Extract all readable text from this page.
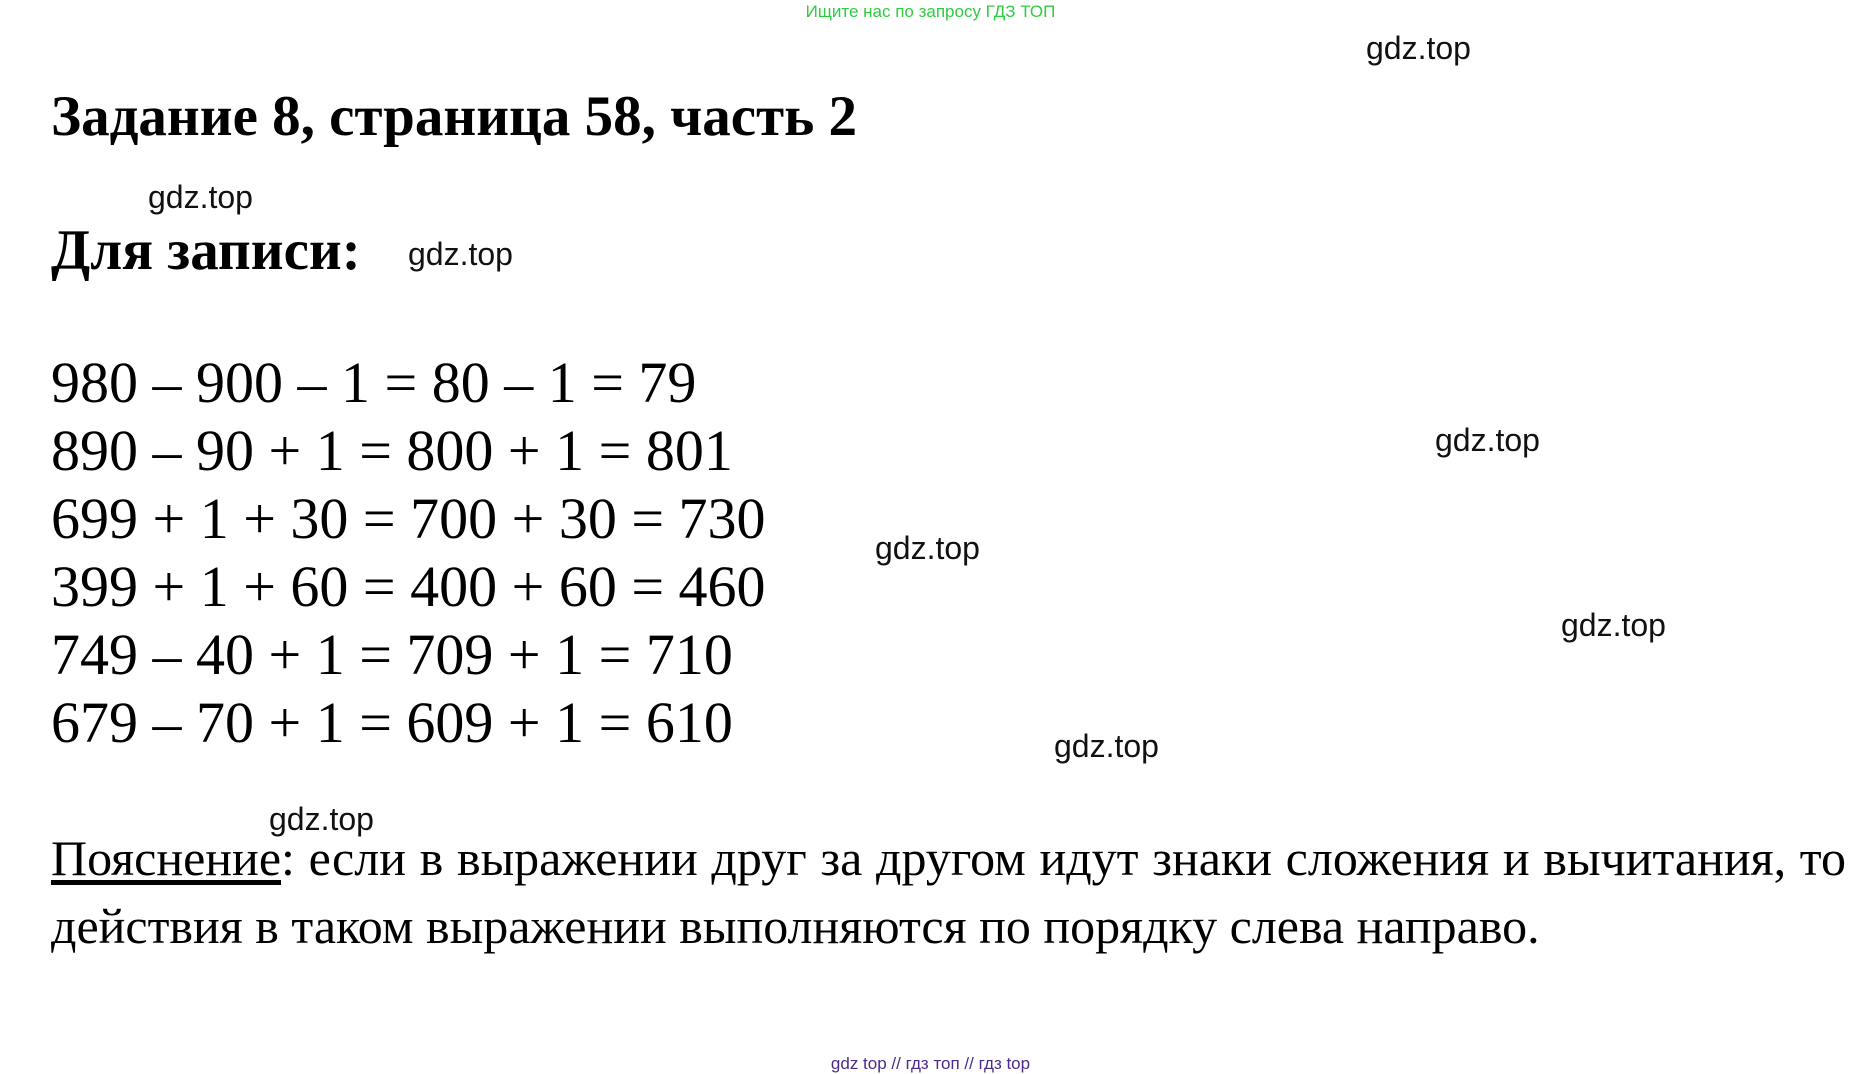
Ищите нас по запросу ГДЗ ТОП
gdz.top
gdz.top
gdz.top
gdz.top
gdz.top
gdz.top
gdz.top
gdz.top
Задание 8, страница 58, часть 2
Для записи:
980 – 900 – 1 = 80 – 1 = 79
890 – 90 + 1 = 800 + 1 = 801
699 + 1 + 30 = 700 + 30 = 730
399 + 1 + 60 = 400 + 60 = 460
749 – 40 + 1 = 709 + 1 = 710
679 – 70 + 1 = 609 + 1 = 610

Пояснение: если в выражении друг за другом идут знаки сложения и вычитания, то действия в таком выражении выполняются по порядку слева направо.

gdz top // гдз топ // гдз top
